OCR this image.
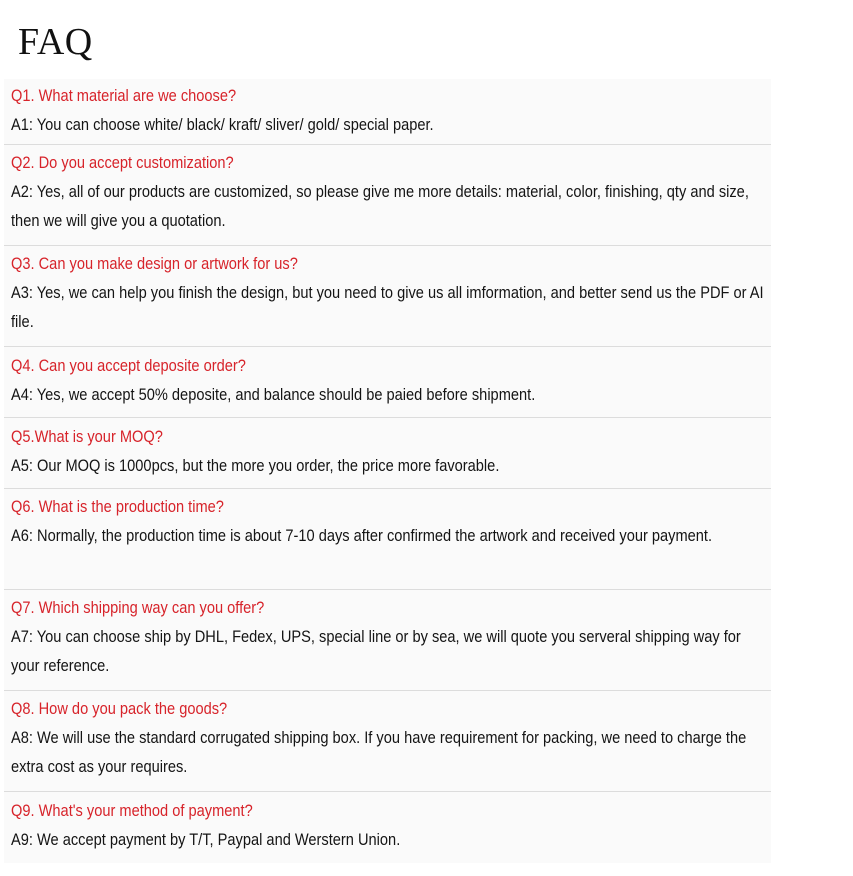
FAQ
Q1. What material are we choose?
A1: You can choose white/ black/ kraft/ sliver/ gold/ special paper.
Q2. Do you accept customization?
A2: Yes, all of our products are customized, so please give me more details: material, color, finishing, qty and size, then we will give you a quotation.
Q3. Can you make design or artwork for us?
A3: Yes, we can help you finish the design, but you need to give us all imformation, and better send us the PDF or AI file.
Q4. Can you accept deposite order?
A4: Yes, we accept 50% deposite, and balance should be paied before shipment.
Q5.What is your MOQ?
A5: Our MOQ is 1000pcs, but the more you order, the price more favorable.
Q6. What is the production time?
A6: Normally, the production time is about 7-10 days after confirmed the artwork and received your payment.
Q7. Which shipping way can you offer?
A7: You can choose ship by DHL, Fedex, UPS, special line or by sea, we will quote you serveral shipping way for your reference.
Q8. How do you pack the goods?
A8: We will use the standard corrugated shipping box. If you have requirement for packing, we need to charge the extra cost as your requires.
Q9. What's your method of payment?
A9: We accept payment by T/T, Paypal and Werstern Union.
